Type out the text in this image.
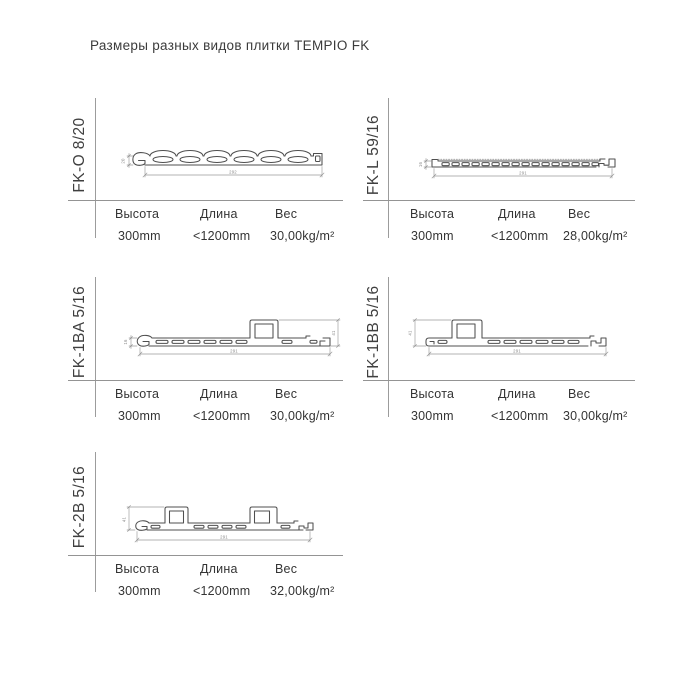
Размеры разных видов плитки TEMPIO FK
FK-O 8/20	20
292
Высота	Длина	Вес
300mm	<1200mm 30,00kg/m²
FK-L 59/16	16
291
Высота	Длина	Вес
300mm	<1200mm 28,00kg/m²
FK-1BA 5/16	16
41
291
Высота	Длина	Вес
300mm	<1200mm 30,00kg/m²
FK-1BB 5/16	41
291
Высота	Длина	Вес
300mm	<1200mm 30,00kg/m²
FK-2B 5/16	41
291
Высота	Длина	Вес
300mm	<1200mm 32,00kg/m²
